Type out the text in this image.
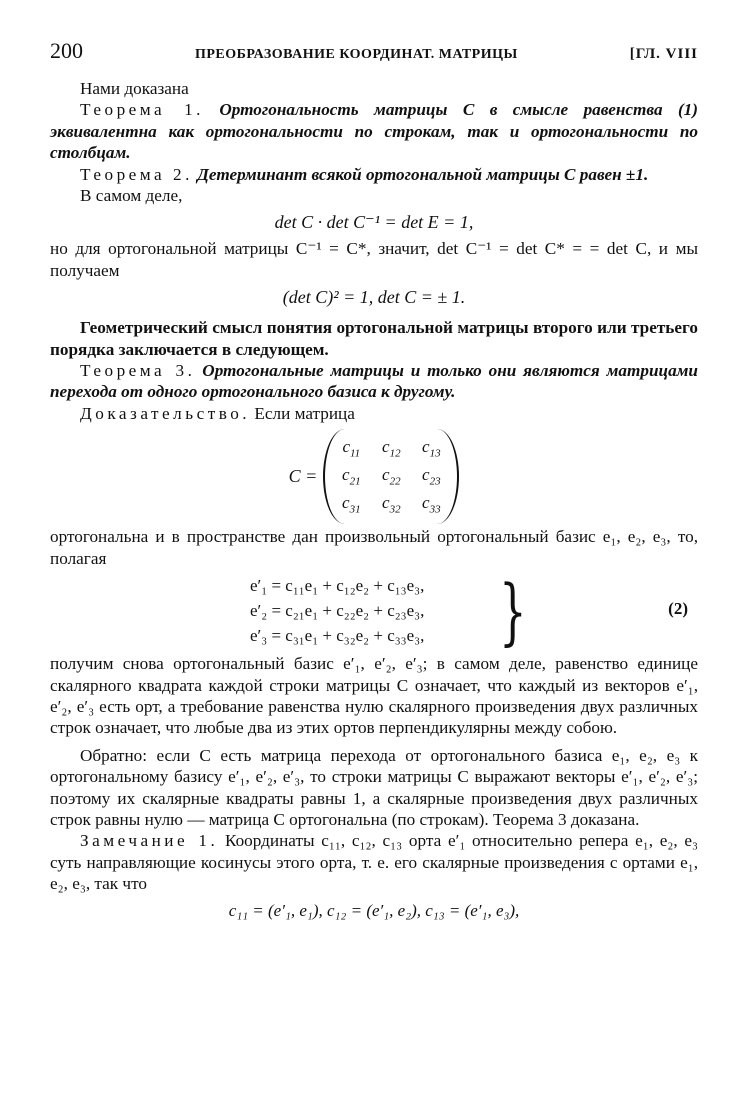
200	ПРЕОБРАЗОВАНИЕ КООРДИНАТ. МАТРИЦЫ	[ГЛ. VIII

Нами доказана

Теорема 1. Ортогональность матрицы C в смысле равенства (1) эквивалентна как ортогональности по строкам, так и ортогональности по столбцам.

Теорема 2. Детерминант всякой ортогональной матрицы C равен ±1.

В самом деле,

det C · det C⁻¹ = det E = 1,

но для ортогональной матрицы C⁻¹ = C*, значит, det C⁻¹ = det C* = = det C, и мы получаем

(det C)² = 1, det C = ± 1.

Геометрический смысл понятия ортогональной матрицы второго или третьего порядка заключается в следующем.

Теорема 3. Ортогональные матрицы и только они являются матрицами перехода от одного ортогонального базиса к другому.

Доказательство. Если матрица

C =
$c_{11}$	$c_{12}$	$c_{13}$
$c_{21}$	$c_{22}$	$c_{23}$
$c_{31}$	$c_{32}$	$c_{33}$

ортогональна и в пространстве дан произвольный ортогональный базис e₁, e₂, e₃, то, полагая

e′₁ = c₁₁e₁ + c₁₂e₂ + c₁₃e₃,
e′₂ = c₂₁e₁ + c₂₂e₂ + c₂₃e₃,
e′₃ = c₃₁e₁ + c₃₂e₂ + c₃₃e₃, }	(2)

получим снова ортогональный базис e′₁, e′₂, e′₃; в самом деле, равенство единице скалярного квадрата каждой строки матрицы C означает, что каждый из векторов e′₁, e′₂, e′₃ есть орт, а требование равенства нулю скалярного произведения двух различных строк означает, что любые два из этих ортов перпендикулярны между собою.

Обратно: если C есть матрица перехода от ортогонального базиса e₁, e₂, e₃ к ортогональному базису e′₁, e′₂, e′₃, то строки матрицы C выражают векторы e′₁, e′₂, e′₃; поэтому их скалярные квадраты равны 1, а скалярные произведения двух различных строк равны нулю — матрица C ортогональна (по строкам). Теорема 3 доказана.

Замечание 1. Координаты c₁₁, c₁₂, c₁₃ орта e′₁ относительно репера e₁, e₂, e₃ суть направляющие косинусы этого орта, т. е. его скалярные произведения с ортами e₁, e₂, e₃, так что

c₁₁ = (e′₁, e₁), c₁₂ = (e′₁, e₂), c₁₃ = (e′₁, e₃),
